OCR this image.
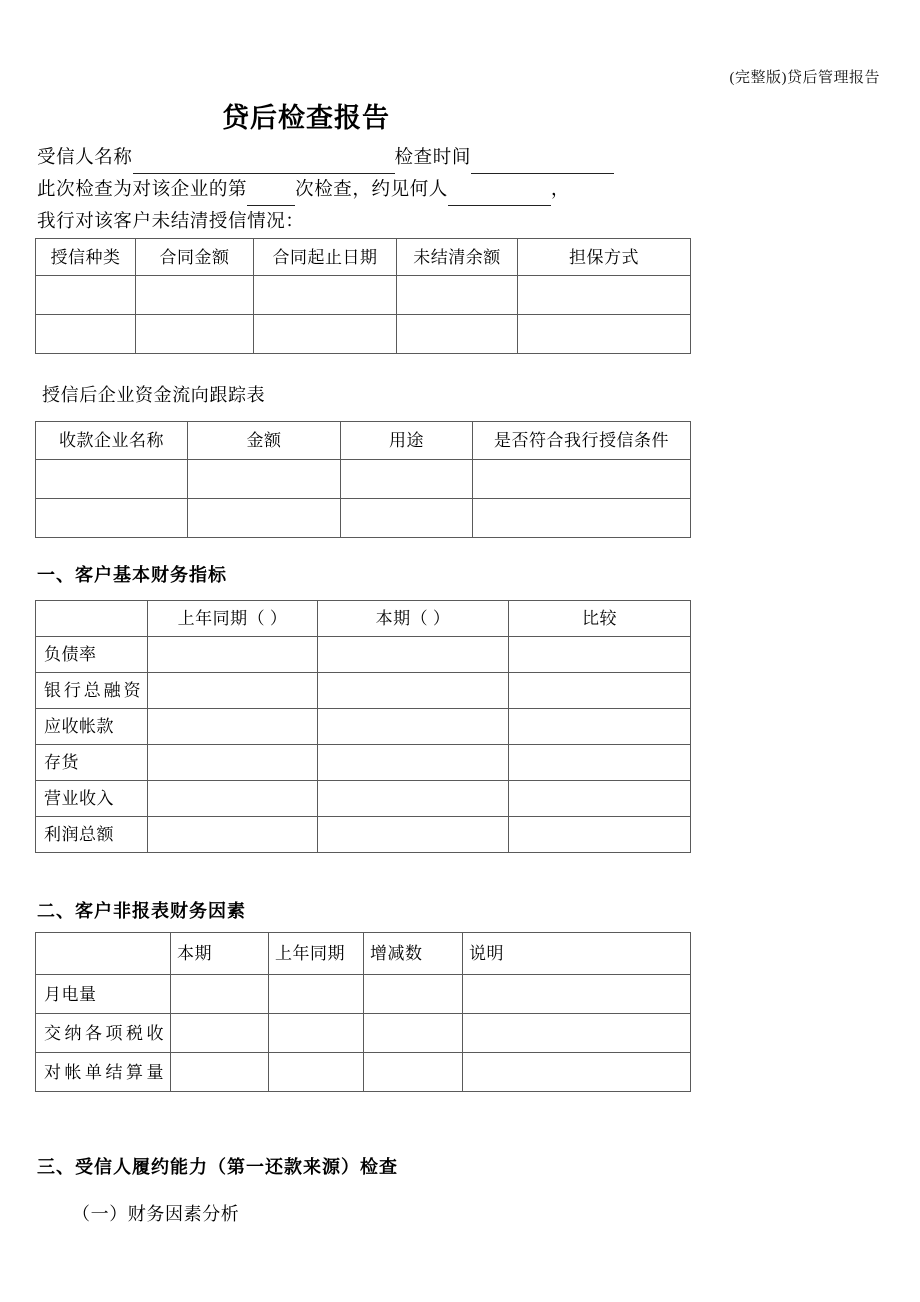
(完整版)贷后管理报告
贷后检查报告
受信人名称	检查时间
此次检查为对该企业的第	次检查，约见何人	，
我行对该客户未结清授信情况：
授信种类	合同金额	合同起止日期	未结清余额	担保方式

授信后企业资金流向跟踪表
收款企业名称	金额	用途	是否符合我行授信条件

一、客户基本财务指标
	上年同期（ ）	本期（ ）	比较
负债率			
银行总融资			
应收帐款			
存货			
营业收入			
利润总额			
二、客户非报表财务因素
	本期	上年同期	增减数	说明
月电量				
交纳各项税收				
对帐单结算量				
三、受信人履约能力（第一还款来源）检查
（一）财务因素分析
